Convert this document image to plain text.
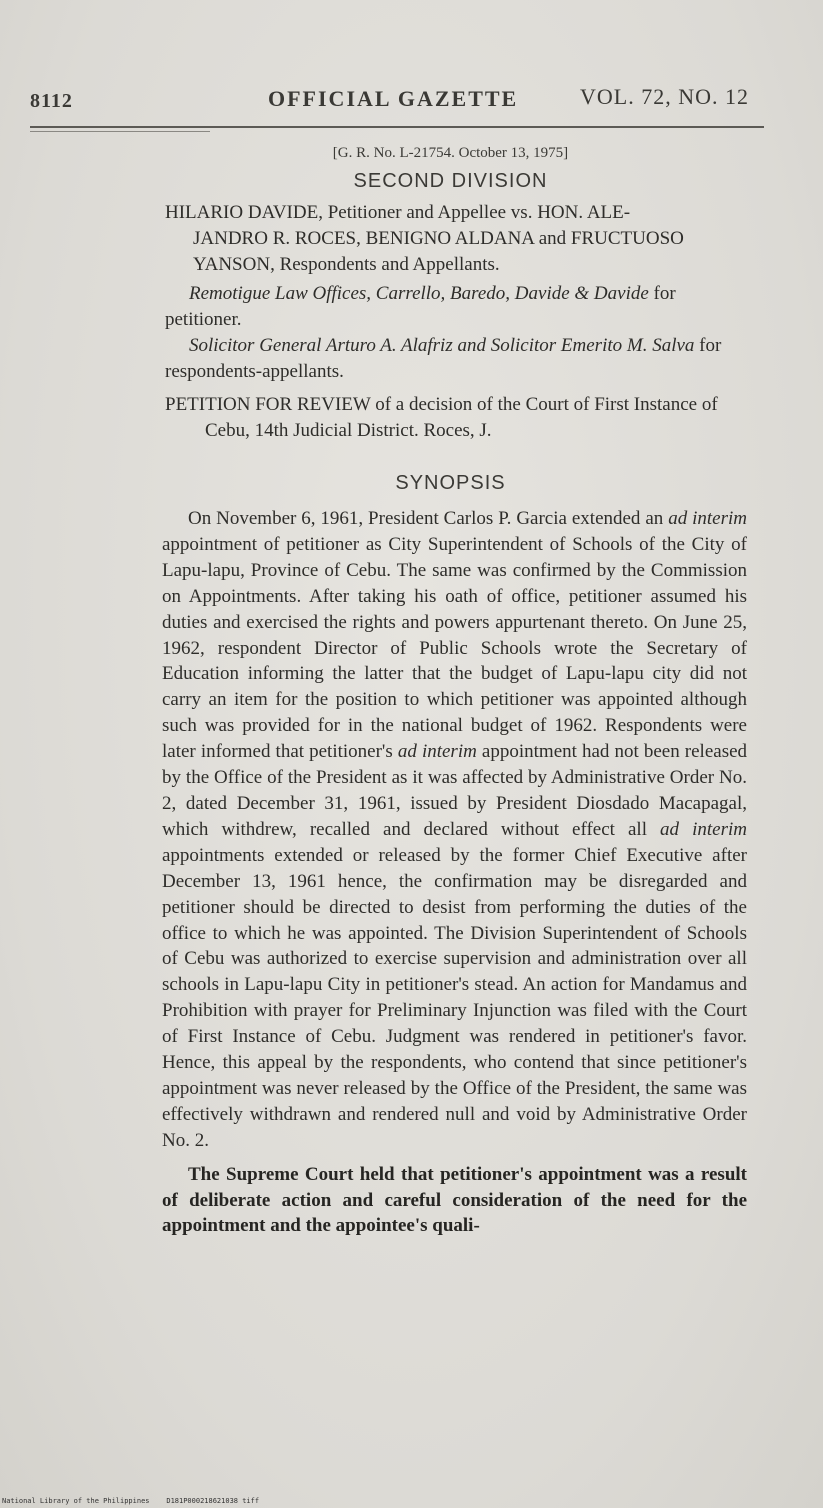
8112	OFFICIAL GAZETTE	VOL. 72, NO. 12
[G. R. No. L-21754. October 13, 1975]
SECOND DIVISION
HILARIO DAVIDE, Petitioner and Appellee vs. HON. ALE-
JANDRO R. ROCES, BENIGNO ALDANA and FRUCTUOSO
YANSON, Respondents and Appellants.

Remotigue Law Offices, Carrello, Baredo, Davide & Davide for petitioner.

Solicitor General Arturo A. Alafriz and Solicitor Emerito M. Salva for respondents-appellants.

PETITION FOR REVIEW of a decision of the Court of First Instance of Cebu, 14th Judicial District. Roces, J.
SYNOPSIS

On November 6, 1961, President Carlos P. Garcia extended an ad interim appointment of petitioner as City Superintendent of Schools of the City of Lapu-lapu, Province of Cebu. The same was confirmed by the Commission on Appointments. After taking his oath of office, petitioner assumed his duties and exercised the rights and powers appurtenant thereto. On June 25, 1962, respondent Director of Public Schools wrote the Secretary of Education informing the latter that the budget of Lapu-lapu city did not carry an item for the position to which petitioner was appointed although such was provided for in the national budget of 1962. Respondents were later informed that petitioner's ad interim appointment had not been released by the Office of the President as it was affected by Administrative Order No. 2, dated December 31, 1961, issued by President Diosdado Macapagal, which withdrew, recalled and declared without effect all ad interim appointments extended or released by the former Chief Executive after December 13, 1961 hence, the confirmation may be disregarded and petitioner should be directed to desist from performing the duties of the office to which he was appointed. The Division Superintendent of Schools of Cebu was authorized to exercise supervision and administration over all schools in Lapu-lapu City in petitioner's stead. An action for Mandamus and Prohibition with prayer for Preliminary Injunction was filed with the Court of First Instance of Cebu. Judgment was rendered in petitioner's favor. Hence, this appeal by the respondents, who contend that since petitioner's appointment was never released by the Office of the President, the same was effectively withdrawn and rendered null and void by Administrative Order No. 2.

The Supreme Court held that petitioner's appointment was a result of deliberate action and careful consideration of the need for the appointment and the appointee's quali-

National Library of the Philippines    D181P000218621038 tiff
